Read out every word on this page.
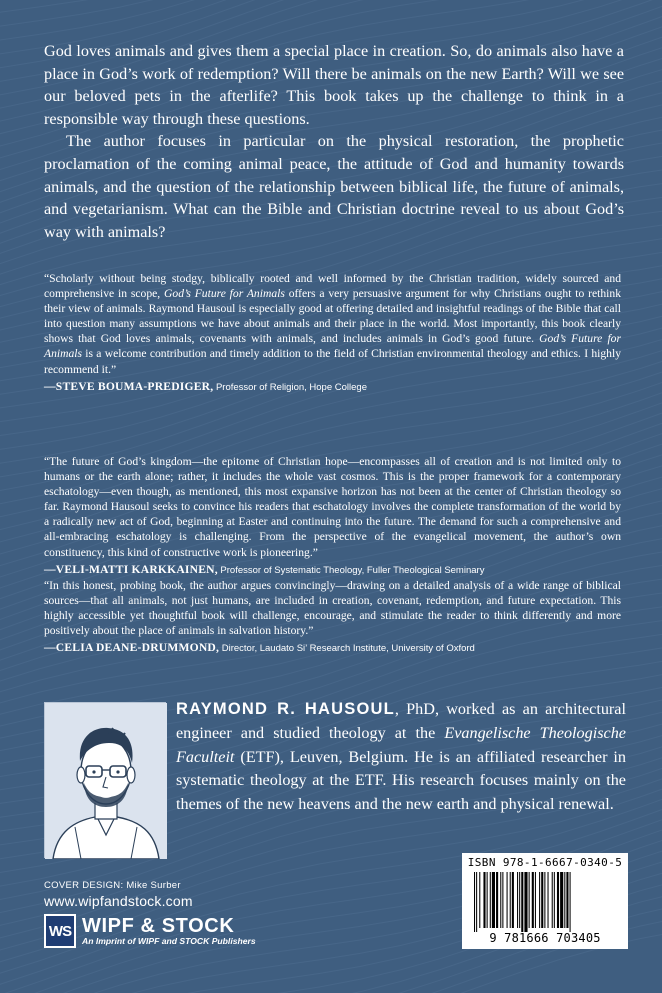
God loves animals and gives them a special place in creation. So, do animals also have a place in God’s work of redemption? Will there be animals on the new Earth? Will we see our beloved pets in the afterlife? This book takes up the challenge to think in a responsible way through these questions.

The author focuses in particular on the physical restoration, the prophetic proclamation of the coming animal peace, the attitude of God and humanity towards animals, and the question of the relationship between biblical life, the future of animals, and vegetarianism. What can the Bible and Christian doctrine reveal to us about God’s way with animals?

“Scholarly without being stodgy, biblically rooted and well informed by the Christian tradition, widely sourced and comprehensive in scope, God’s Future for Animals offers a very persuasive argument for why Christians ought to rethink their view of animals. Raymond Hausoul is especially good at offering detailed and insightful readings of the Bible that call into question many assumptions we have about animals and their place in the world. Most importantly, this book clearly shows that God loves animals, covenants with animals, and includes animals in God’s good future. God’s Future for Animals is a welcome contribution and timely addition to the field of Christian environmental theology and ethics. I highly recommend it.”

—STEVE BOUMA-PREDIGER, Professor of Religion, Hope College

“The future of God’s kingdom—the epitome of Christian hope—encompasses all of creation and is not limited only to humans or the earth alone; rather, it includes the whole vast cosmos. This is the proper framework for a contemporary eschatology—even though, as mentioned, this most expansive horizon has not been at the center of Christian theology so far. Raymond Hausoul seeks to convince his readers that eschatology involves the complete transformation of the world by a radically new act of God, beginning at Easter and continuing into the future. The demand for such a comprehensive and all-embracing eschatology is challenging. From the perspective of the evangelical movement, the author’s own constituency, this kind of constructive work is pioneering.”

—VELI-MATTI KARKKAINEN, Professor of Systematic Theology, Fuller Theological Seminary

“In this honest, probing book, the author argues convincingly—drawing on a detailed analysis of a wide range of biblical sources—that all animals, not just humans, are included in creation, covenant, redemption, and future expectation. This highly accessible yet thoughtful book will challenge, encourage, and stimulate the reader to think differently and more positively about the place of animals in salvation history.”

—CELIA DEANE-DRUMMOND, Director, Laudato Si’ Research Institute, University of Oxford

RAYMOND R. HAUSOUL, PhD, worked as an architectural engineer and studied theology at the Evangelische Theologische Faculteit (ETF), Leuven, Belgium. He is an affiliated researcher in systematic theology at the ETF. His research focuses mainly on the themes of the new heavens and the new earth and physical renewal.
COVER DESIGN: Mike Surber
www.wipfandstock.com
WS WIPF & STOCK
An Imprint of WIPF and STOCK Publishers
ISBN 978-1-6667-0340-5
9 781666 703405
